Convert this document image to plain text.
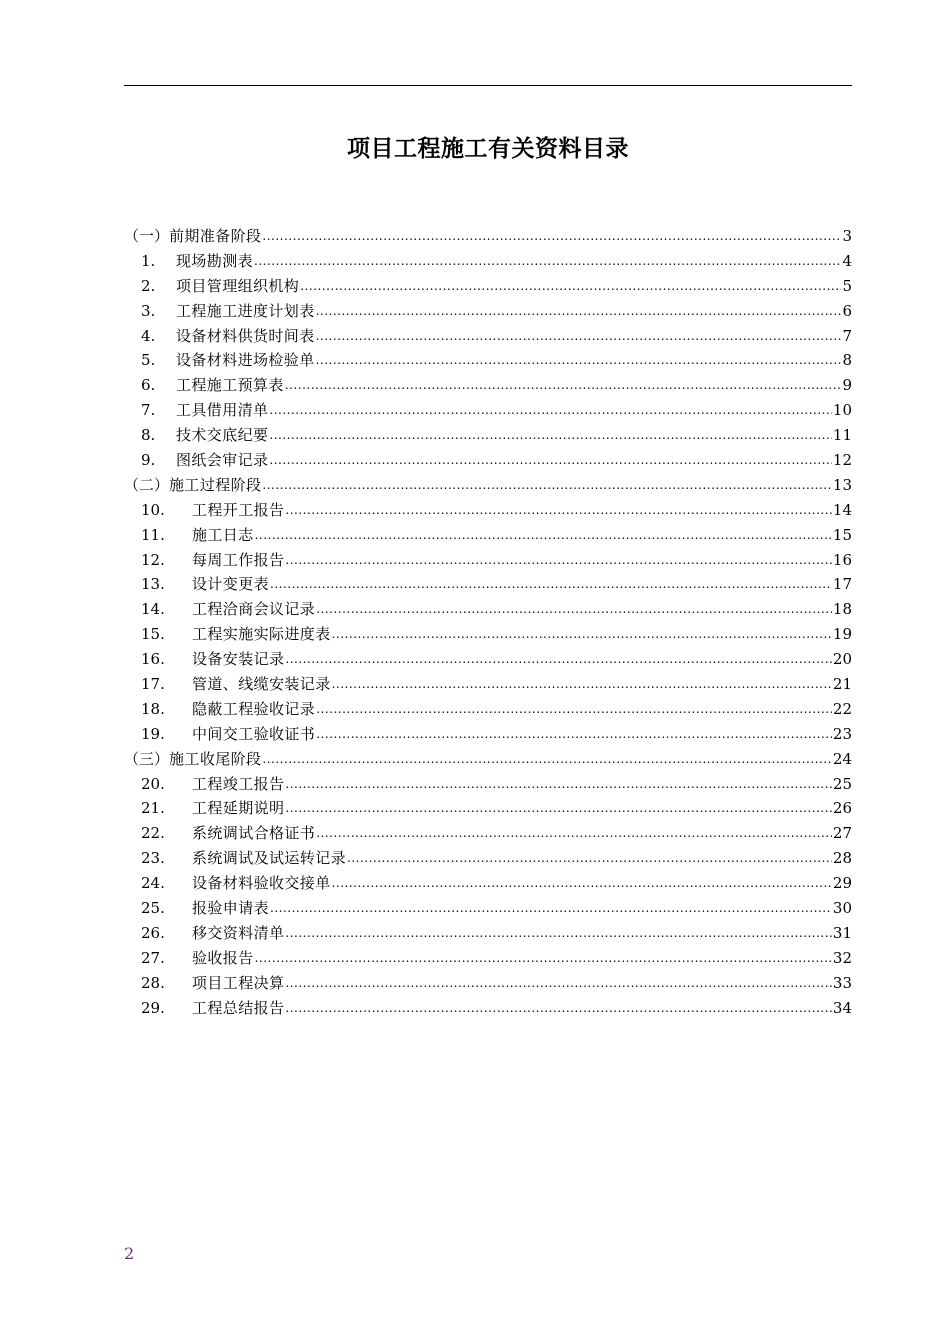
项目工程施工有关资料目录
（一） 前期准备阶段 .....	3
1.	现场勘测表 .....	4
2.	项目管理组织机构 .....	5
3.	工程施工进度计划表 .....	6
4.	设备材料供货时间表 .....	7
5.	设备材料进场检验单 .....	8
6.	工程施工预算表 .....	9
7.	工具借用清单 .....	10
8.	技术交底纪要 .....	11
9.	图纸会审记录 .....	12
（二） 施工过程阶段 .....	13
10.	工程开工报告 .....	14
11.	施工日志 .....	15
12.	每周工作报告 .....	16
13.	设计变更表 .....	17
14.	工程洽商会议记录 .....	18
15.	工程实施实际进度表 .....	19
16.	设备安装记录 .....	20
17.	管道、线缆安装记录 .....	21
18.	隐蔽工程验收记录 .....	22
19.	中间交工验收证书 .....	23
（三） 施工收尾阶段 .....	24
20.	工程竣工报告 .....	25
21.	工程延期说明 .....	26
22.	系统调试合格证书 .....	27
23.	系统调试及试运转记录 .....	28
24.	设备材料验收交接单 .....	29
25.	报验申请表 .....	30
26.	移交资料清单 .....	31
27.	验收报告 .....	32
28.	项目工程决算 .....	33
29.	工程总结报告 .....	34
2
